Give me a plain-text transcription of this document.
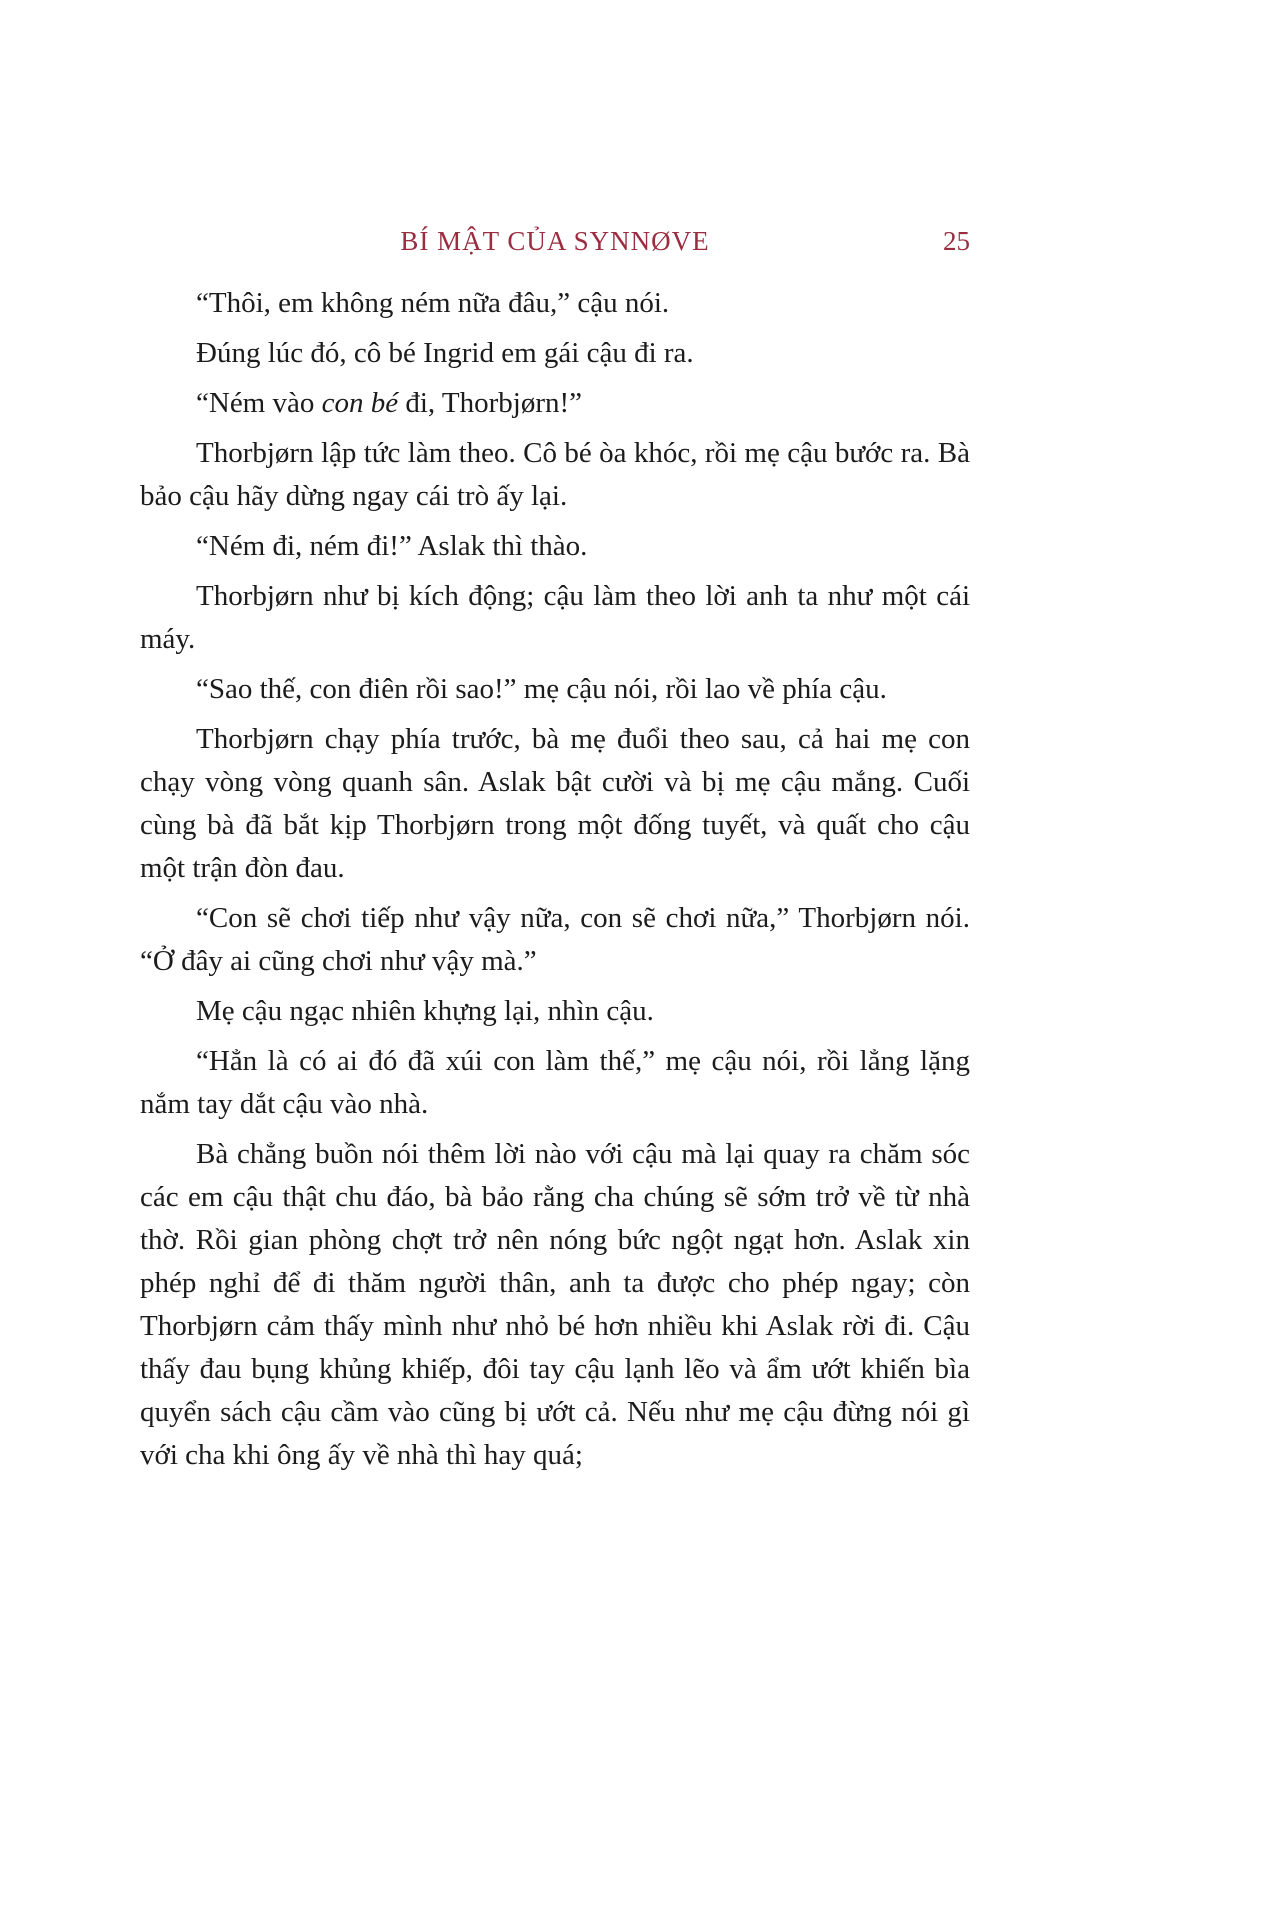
BÍ MẬT CỦA SYNNØVE	25

“Thôi, em không ném nữa đâu,” cậu nói.

Đúng lúc đó, cô bé Ingrid em gái cậu đi ra.

“Ném vào con bé đi, Thorbjørn!”

Thorbjørn lập tức làm theo. Cô bé òa khóc, rồi mẹ cậu bước ra. Bà bảo cậu hãy dừng ngay cái trò ấy lại.

“Ném đi, ném đi!” Aslak thì thào.

Thorbjørn như bị kích động; cậu làm theo lời anh ta như một cái máy.

“Sao thế, con điên rồi sao!” mẹ cậu nói, rồi lao về phía cậu.

Thorbjørn chạy phía trước, bà mẹ đuổi theo sau, cả hai mẹ con chạy vòng vòng quanh sân. Aslak bật cười và bị mẹ cậu mắng. Cuối cùng bà đã bắt kịp Thorbjørn trong một đống tuyết, và quất cho cậu một trận đòn đau.

“Con sẽ chơi tiếp như vậy nữa, con sẽ chơi nữa,” Thorbjørn nói. “Ở đây ai cũng chơi như vậy mà.”

Mẹ cậu ngạc nhiên khựng lại, nhìn cậu.

“Hẳn là có ai đó đã xúi con làm thế,” mẹ cậu nói, rồi lẳng lặng nắm tay dắt cậu vào nhà.

Bà chẳng buồn nói thêm lời nào với cậu mà lại quay ra chăm sóc các em cậu thật chu đáo, bà bảo rằng cha chúng sẽ sớm trở về từ nhà thờ. Rồi gian phòng chợt trở nên nóng bức ngột ngạt hơn. Aslak xin phép nghỉ để đi thăm người thân, anh ta được cho phép ngay; còn Thorbjørn cảm thấy mình như nhỏ bé hơn nhiều khi Aslak rời đi. Cậu thấy đau bụng khủng khiếp, đôi tay cậu lạnh lẽo và ẩm ướt khiến bìa quyển sách cậu cầm vào cũng bị ướt cả. Nếu như mẹ cậu đừng nói gì với cha khi ông ấy về nhà thì hay quá;
